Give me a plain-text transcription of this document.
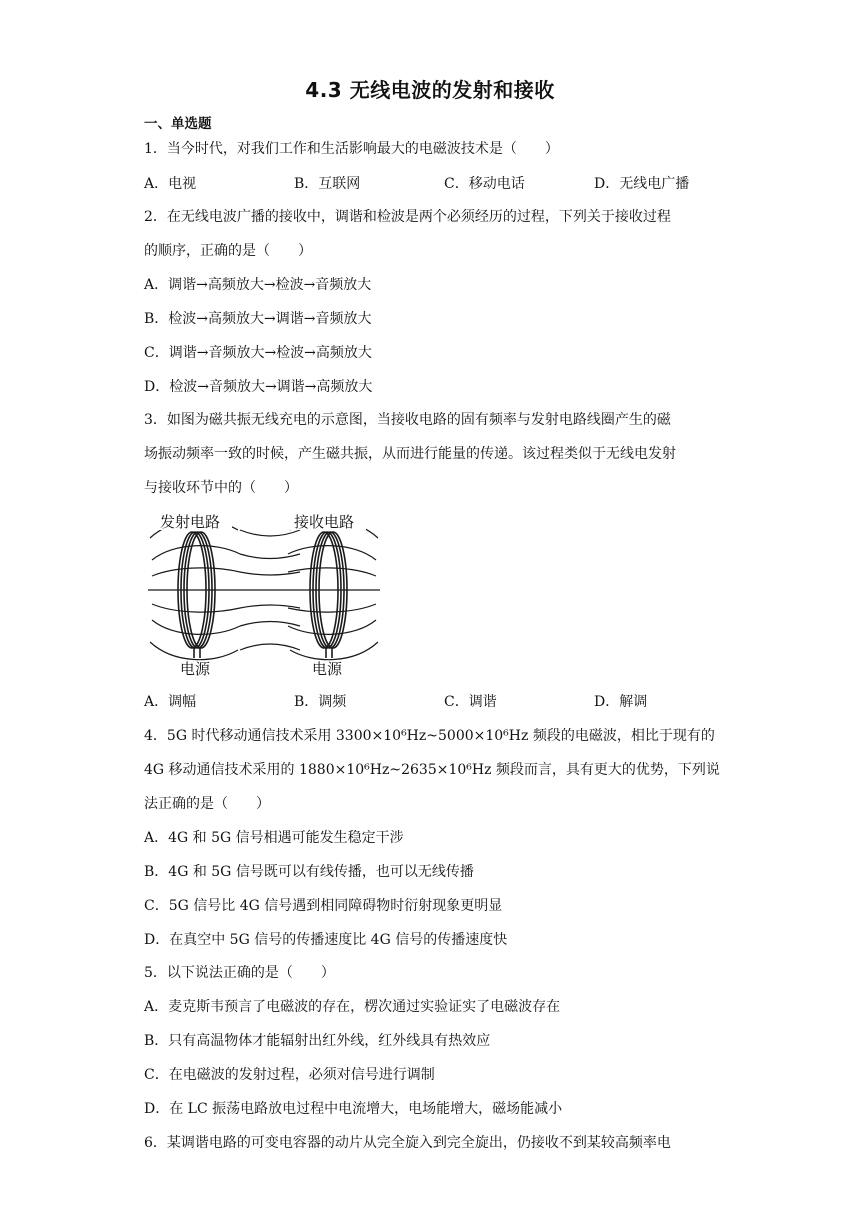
4.3 无线电波的发射和接收
一、单选题
1．当今时代，对我们工作和生活影响最大的电磁波技术是（　　）
A．电视	B．互联网	C．移动电话	D．无线电广播
2．在无线电波广播的接收中，调谐和检波是两个必须经历的过程，下列关于接收过程
的顺序，正确的是（　　）
A．调谐→高频放大→检波→音频放大
B．检波→高频放大→调谐→音频放大
C．调谐→音频放大→检波→高频放大
D．检波→音频放大→调谐→高频放大
3．如图为磁共振无线充电的示意图，当接收电路的固有频率与发射电路线圈产生的磁
场振动频率一致的时候，产生磁共振，从而进行能量的传递。该过程类似于无线电发射
与接收环节中的（　　）
发射电路	接收电路
电源	电源
A．调幅	B．调频	C．调谐	D．解调
4．5G 时代移动通信技术采用 3300×10⁶Hz~5000×10⁶Hz 频段的电磁波，相比于现有的
4G 移动通信技术采用的 1880×10⁶Hz~2635×10⁶Hz 频段而言，具有更大的优势，下列说
法正确的是（　　）
A．4G 和 5G 信号相遇可能发生稳定干涉
B．4G 和 5G 信号既可以有线传播，也可以无线传播
C．5G 信号比 4G 信号遇到相同障碍物时衍射现象更明显
D．在真空中 5G 信号的传播速度比 4G 信号的传播速度快
5．以下说法正确的是（　　）
A．麦克斯韦预言了电磁波的存在，楞次通过实验证实了电磁波存在
B．只有高温物体才能辐射出红外线，红外线具有热效应
C．在电磁波的发射过程，必须对信号进行调制
D．在 LC 振荡电路放电过程中电流增大，电场能增大，磁场能减小
6．某调谐电路的可变电容器的动片从完全旋入到完全旋出，仍接收不到某较高频率电
